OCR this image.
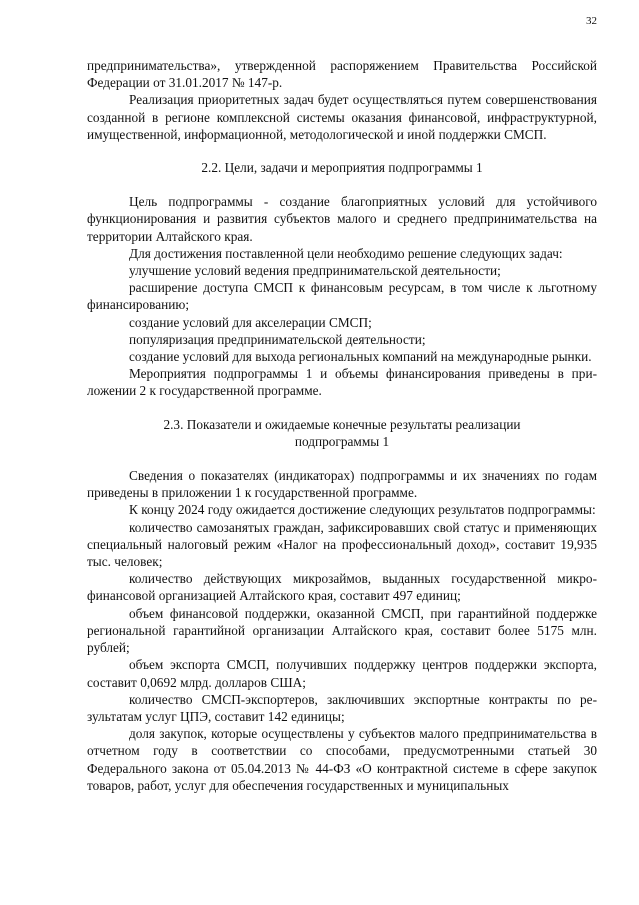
32

предпринимательства», утвержденной распоряжением Правительства Российской Федерации от 31.01.2017 № 147-р.

Реализация приоритетных задач будет осуществляться путем совершенствования созданной в регионе комплексной системы оказания финансовой, инфраструктурной, имущественной, информационной, методологической и иной поддержки СМСП.

2.2. Цели, задачи и мероприятия подпрограммы 1

Цель подпрограммы - создание благоприятных условий для устойчивого функционирования и развития субъектов малого и среднего предпринимательства на территории Алтайского края.

Для достижения поставленной цели необходимо решение следующих задач:

улучшение условий ведения предпринимательской деятельности;

расширение доступа СМСП к финансовым ресурсам, в том числе к льготному финансированию;

создание условий для акселерации СМСП;

популяризация предпринимательской деятельности;

создание условий для выхода региональных компаний на международные рынки.

Мероприятия подпрограммы 1 и объемы финансирования приведены в приложении 2 к государственной программе.

2.3. Показатели и ожидаемые конечные результаты реализации
подпрограммы 1

Сведения о показателях (индикаторах) подпрограммы и их значениях по годам приведены в приложении 1 к государственной программе.

К концу 2024 году ожидается достижение следующих результатов подпрограммы:

количество самозанятых граждан, зафиксировавших свой статус и применяющих специальный налоговый режим «Налог на профессиональный доход», составит 19,935 тыс. человек;

количество действующих микрозаймов, выданных государственной микрофинансовой организацией Алтайского края, составит 497 единиц;

объем финансовой поддержки, оказанной СМСП, при гарантийной поддержке региональной гарантийной организации Алтайского края, составит более 5175 млн. рублей;

объем экспорта СМСП, получивших поддержку центров поддержки экспорта, составит 0,0692 млрд. долларов США;

количество СМСП-экспортеров, заключивших экспортные контракты по результатам услуг ЦПЭ, составит 142 единицы;

доля закупок, которые осуществлены у субъектов малого предпринимательства в отчетном году в соответствии со способами, предусмотренными статьей 30 Федерального закона от 05.04.2013 № 44-ФЗ «О контрактной системе в сфере закупок товаров, работ, услуг для обеспечения государственных и муниципальных
